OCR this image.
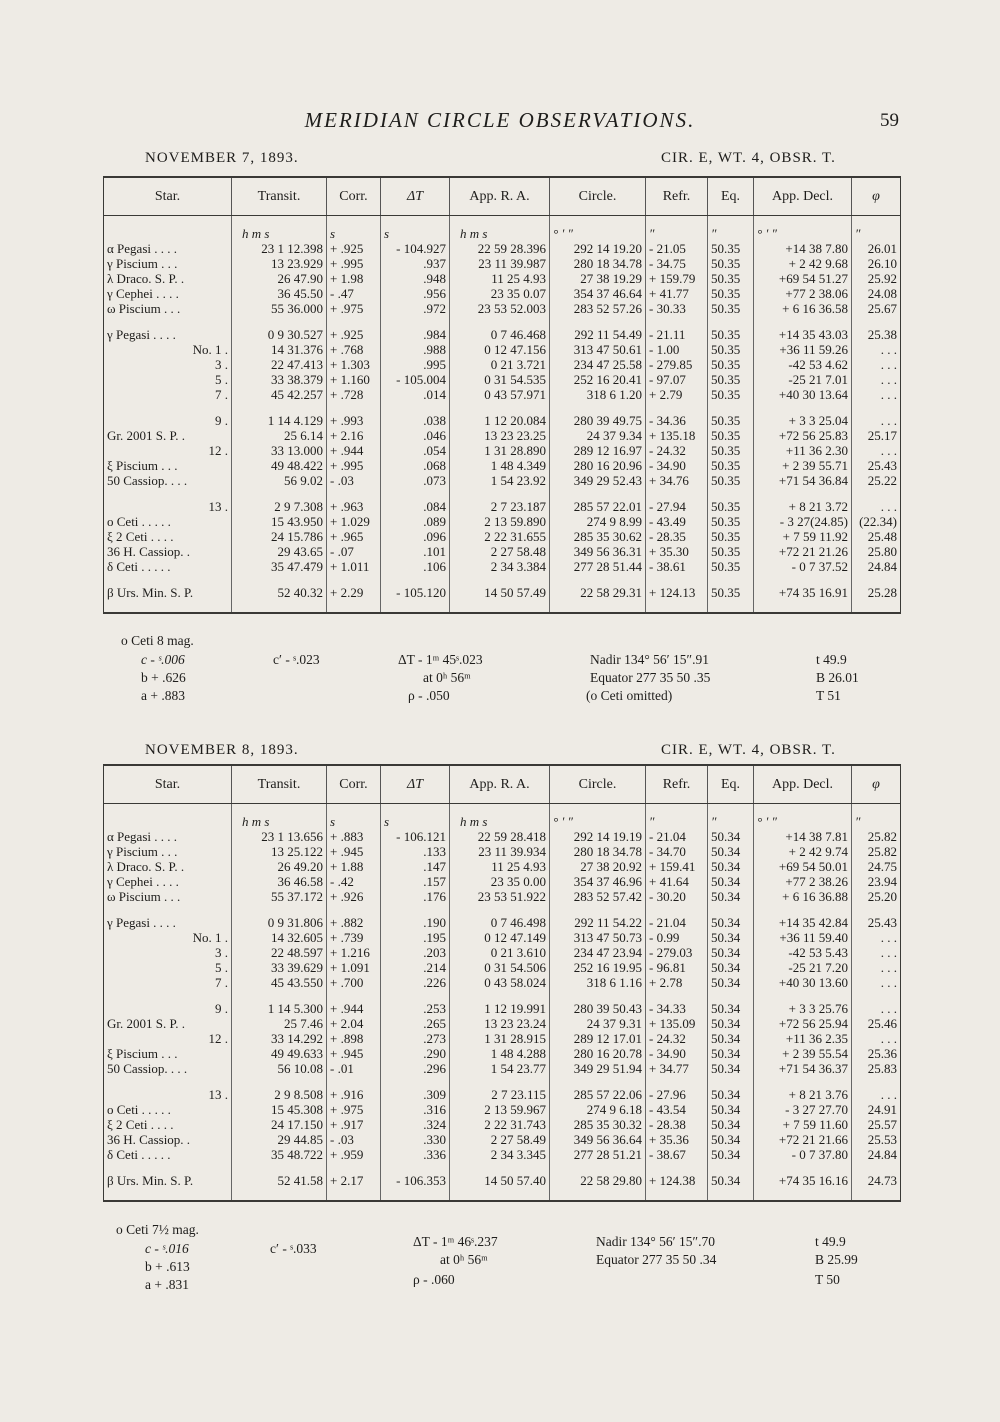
MERIDIAN CIRCLE OBSERVATIONS.	59
NOVEMBER 7, 1893.	CIR. E, WT. 4, OBSR. T.
Star.	Transit.	Corr.	ΔT	App. R. A.	Circle.	Refr.	Eq.	App. Decl.	φ
	h m s	s	s	h m s	° ′ ″	″	″	° ′ ″	″
α Pegasi . . . .	23 1 12.398	+ .925	- 104.927	22 59 28.396	292 14 19.20	- 21.05	50.35	+14 38 7.80	26.01
γ Piscium . . .	13 23.929	+ .995	.937	23 11 39.987	280 18 34.78	- 34.75	50.35	+ 2 42 9.68	26.10
λ Draco. S. P. .	26 47.90	+ 1.98	.948	11 25 4.93	27 38 19.29	+ 159.79	50.35	+69 54 51.27	25.92
γ Cephei . . . .	36 45.50	- .47	.956	23 35 0.07	354 37 46.64	+ 41.77	50.35	+77 2 38.06	24.08
ω Piscium . . .	55 36.000	+ .975	.972	23 53 52.003	283 52 57.26	- 30.33	50.35	+ 6 16 36.58	25.67
γ Pegasi . . . .	0 9 30.527	+ .925	.984	0 7 46.468	292 11 54.49	- 21.11	50.35	+14 35 43.03	25.38
No. 1 .	14 31.376	+ .768	.988	0 12 47.156	313 47 50.61	- 1.00	50.35	+36 11 59.26	. . .
3 .	22 47.413	+ 1.303	.995	0 21 3.721	234 47 25.58	- 279.85	50.35	-42 53 4.62	. . .
5 .	33 38.379	+ 1.160	- 105.004	0 31 54.535	252 16 20.41	- 97.07	50.35	-25 21 7.01	. . .
7 .	45 42.257	+ .728	.014	0 43 57.971	318 6 1.20	+ 2.79	50.35	+40 30 13.64	. . .
9 .	1 14 4.129	+ .993	.038	1 12 20.084	280 39 49.75	- 34.36	50.35	+ 3 3 25.04	. . .
Gr. 2001 S. P. .	25 6.14	+ 2.16	.046	13 23 23.25	24 37 9.34	+ 135.18	50.35	+72 56 25.83	25.17
12 .	33 13.000	+ .944	.054	1 31 28.890	289 12 16.97	- 24.32	50.35	+11 36 2.30	. . .
ξ Piscium . . .	49 48.422	+ .995	.068	1 48 4.349	280 16 20.96	- 34.90	50.35	+ 2 39 55.71	25.43
50 Cassiop. . . .	56 9.02	- .03	.073	1 54 23.92	349 29 52.43	+ 34.76	50.35	+71 54 36.84	25.22
13 .	2 9 7.308	+ .963	.084	2 7 23.187	285 57 22.01	- 27.94	50.35	+ 8 21 3.72	. . .
o Ceti . . . . .	15 43.950	+ 1.029	.089	2 13 59.890	274 9 8.99	- 43.49	50.35	- 3 27(24.85)	(22.34)
ξ 2 Ceti . . . .	24 15.786	+ .965	.096	2 22 31.655	285 35 30.62	- 28.35	50.35	+ 7 59 11.92	25.48
36 H. Cassiop. .	29 43.65	- .07	.101	2 27 58.48	349 56 36.31	+ 35.30	50.35	+72 21 21.26	25.80
δ Ceti . . . . .	35 47.479	+ 1.011	.106	2 34 3.384	277 28 51.44	- 38.61	50.35	- 0 7 37.52	24.84
β Urs. Min. S. P.	52 40.32	+ 2.29	- 105.120	14 50 57.49	22 58 29.31	+ 124.13	50.35	+74 35 16.91	25.28
o Ceti 8 mag.
c - ˢ.006
b + .626
a + .883
c′ - ˢ.023	ΔT - 1ᵐ 45ˢ.023
at 0ʰ 56ᵐ
ρ - .050
Nadir 134° 56′ 15″.91
Equator 277 35 50 .35
(o Ceti omitted)
t 49.9
B 26.01
T 51
NOVEMBER 8, 1893.	CIR. E, WT. 4, OBSR. T.
Star.	Transit.	Corr.	ΔT	App. R. A.	Circle.	Refr.	Eq.	App. Decl.	φ
	h m s	s	s	h m s	° ′ ″	″	″	° ′ ″	″
α Pegasi . . . .	23 1 13.656	+ .883	- 106.121	22 59 28.418	292 14 19.19	- 21.04	50.34	+14 38 7.81	25.82
γ Piscium . . .	13 25.122	+ .945	.133	23 11 39.934	280 18 34.78	- 34.70	50.34	+ 2 42 9.74	25.82
λ Draco. S. P. .	26 49.20	+ 1.88	.147	11 25 4.93	27 38 20.92	+ 159.41	50.34	+69 54 50.01	24.75
γ Cephei . . . .	36 46.58	- .42	.157	23 35 0.00	354 37 46.96	+ 41.64	50.34	+77 2 38.26	23.94
ω Piscium . . .	55 37.172	+ .926	.176	23 53 51.922	283 52 57.42	- 30.20	50.34	+ 6 16 36.88	25.20
γ Pegasi . . . .	0 9 31.806	+ .882	.190	0 7 46.498	292 11 54.22	- 21.04	50.34	+14 35 42.84	25.43
No. 1 .	14 32.605	+ .739	.195	0 12 47.149	313 47 50.73	- 0.99	50.34	+36 11 59.40	. . .
3 .	22 48.597	+ 1.216	.203	0 21 3.610	234 47 23.94	- 279.03	50.34	-42 53 5.43	. . .
5 .	33 39.629	+ 1.091	.214	0 31 54.506	252 16 19.95	- 96.81	50.34	-25 21 7.20	. . .
7 .	45 43.550	+ .700	.226	0 43 58.024	318 6 1.16	+ 2.78	50.34	+40 30 13.60	. . .
9 .	1 14 5.300	+ .944	.253	1 12 19.991	280 39 50.43	- 34.33	50.34	+ 3 3 25.76	. . .
Gr. 2001 S. P. .	25 7.46	+ 2.04	.265	13 23 23.24	24 37 9.31	+ 135.09	50.34	+72 56 25.94	25.46
12 .	33 14.292	+ .898	.273	1 31 28.915	289 12 17.01	- 24.32	50.34	+11 36 2.35	. . .
ξ Piscium . . .	49 49.633	+ .945	.290	1 48 4.288	280 16 20.78	- 34.90	50.34	+ 2 39 55.54	25.36
50 Cassiop. . . .	56 10.08	- .01	.296	1 54 23.77	349 29 51.94	+ 34.77	50.34	+71 54 36.37	25.83
13 .	2 9 8.508	+ .916	.309	2 7 23.115	285 57 22.06	- 27.96	50.34	+ 8 21 3.76	. . .
o Ceti . . . . .	15 45.308	+ .975	.316	2 13 59.967	274 9 6.18	- 43.54	50.34	- 3 27 27.70	24.91
ξ 2 Ceti . . . .	24 17.150	+ .917	.324	2 22 31.743	285 35 30.32	- 28.38	50.34	+ 7 59 11.60	25.57
36 H. Cassiop. .	29 44.85	- .03	.330	2 27 58.49	349 56 36.64	+ 35.36	50.34	+72 21 21.66	25.53
δ Ceti . . . . .	35 48.722	+ .959	.336	2 34 3.345	277 28 51.21	- 38.67	50.34	- 0 7 37.80	24.84
β Urs. Min. S. P.	52 41.58	+ 2.17	- 106.353	14 50 57.40	22 58 29.80	+ 124.38	50.34	+74 35 16.16	24.73
o Ceti 7½ mag.
c - ˢ.016
b + .613
a + .831
c′ - ˢ.033	ΔT - 1ᵐ 46ˢ.237
at 0ʰ 56ᵐ
ρ - .060
Nadir 134° 56′ 15″.70
Equator 277 35 50 .34
t 49.9
B 25.99
T 50
